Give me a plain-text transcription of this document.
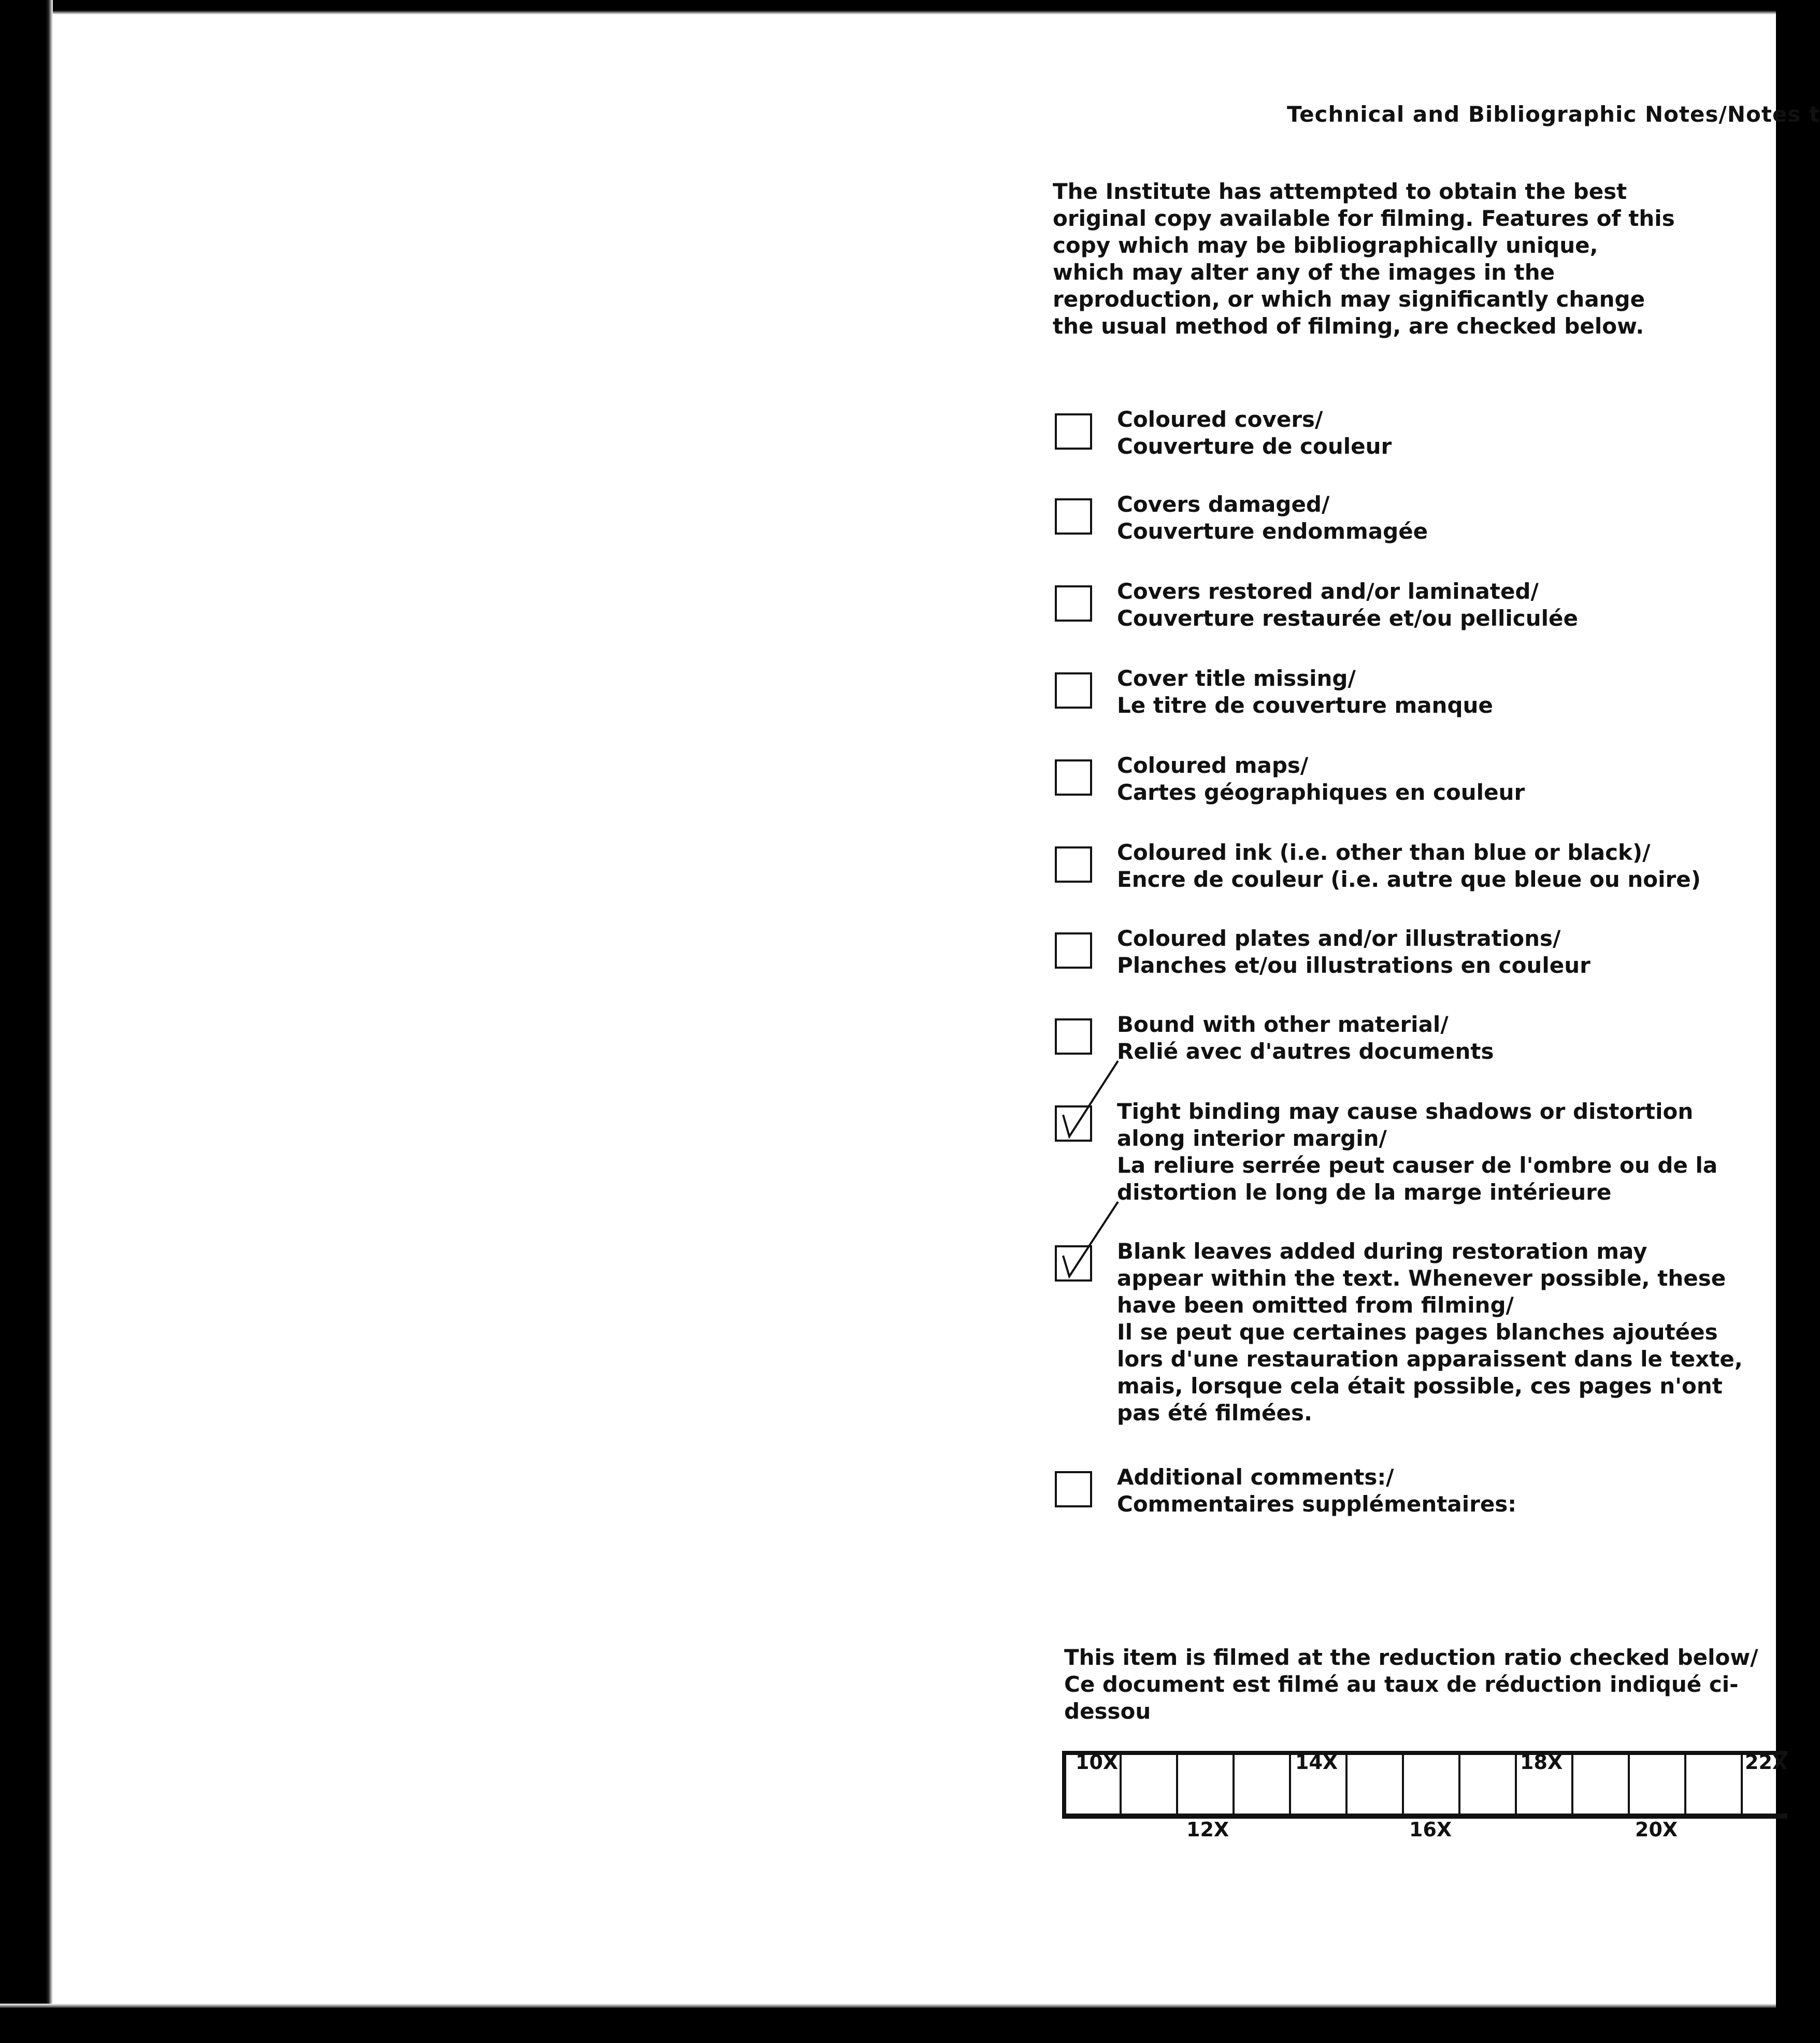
Technical and Bibliographic Notes/Notes t
The Institute has attempted to obtain the best
original copy available for filming. Features of this
copy which may be bibliographically unique,
which may alter any of the images in the
reproduction, or which may significantly change
the usual method of filming, are checked below.
Coloured covers/
Couverture de couleur
Covers damaged/
Couverture endommagée
Covers restored and/or laminated/
Couverture restaurée et/ou pelliculée
Cover title missing/
Le titre de couverture manque
Coloured maps/
Cartes géographiques en couleur
Coloured ink (i.e. other than blue or black)/
Encre de couleur (i.e. autre que bleue ou noire)
Coloured plates and/or illustrations/
Planches et/ou illustrations en couleur
Bound with other material/
Relié avec d'autres documents
Tight binding may cause shadows or distortion
along interior margin/
La reliure serrée peut causer de l'ombre ou de la
distortion le long de la marge intérieure
Blank leaves added during restoration may
appear within the text. Whenever possible, these
have been omitted from filming/
Il se peut que certaines pages blanches ajoutées
lors d'une restauration apparaissent dans le texte,
mais, lorsque cela était possible, ces pages n'ont
pas été filmées.
Additional comments:/
Commentaires supplémentaires:
This item is filmed at the reduction ratio checked below/
Ce document est filmé au taux de réduction indiqué ci-dessou
10X	14X	18X	22X
12X	16X	20X
